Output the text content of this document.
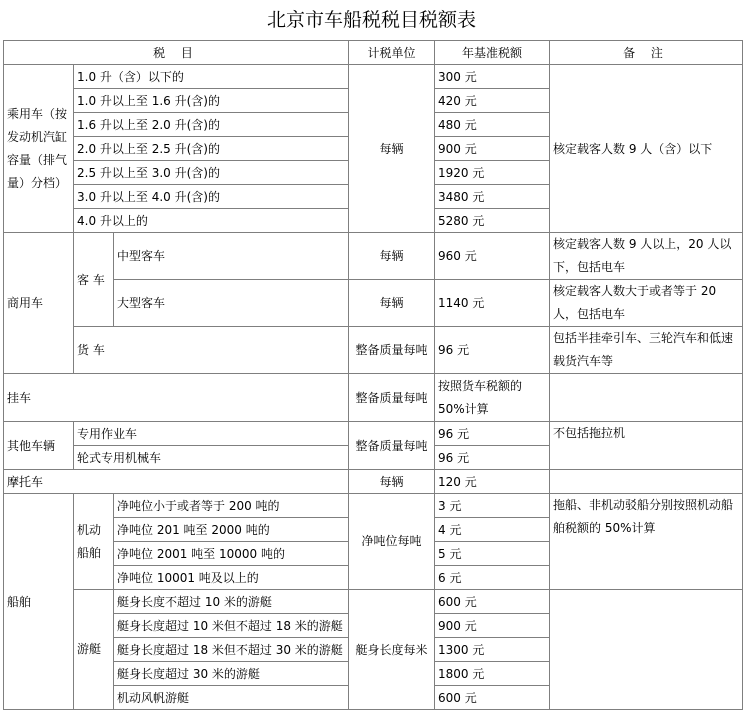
北京市车船税税目税额表
税 目			计税单位	年基准税额	备 注
乘用车（按发动机汽缸容量（排气量）分档）	1.0 升（含）以下的		每辆	300 元	核定载客人数 9 人（含）以下
	1.0 升以上至 1.6 升(含)的			420 元	
	1.6 升以上至 2.0 升(含)的			480 元	
	2.0 升以上至 2.5 升(含)的			900 元	
	2.5 升以上至 3.0 升(含)的			1920 元	
	3.0 升以上至 4.0 升(含)的			3480 元	
	4.0 升以上的			5280 元	
商用车	客 车	中型客车	每辆	960 元	核定载客人数 9 人以上，20 人以下，包括电车
		大型客车	每辆	1140 元	核定载客人数大于或者等于 20 人，包括电车
	货 车		整备质量每吨	96 元	包括半挂牵引车、三轮汽车和低速载货汽车等
挂车			整备质量每吨	按照货车税额的 50%计算	
其他车辆	专用作业车		整备质量每吨	96 元	不包括拖拉机
	轮式专用机械车			96 元	
摩托车			每辆	120 元	
船舶	机动船舶	净吨位小于或者等于 200 吨的	净吨位每吨	3 元	拖船、非机动驳船分别按照机动船舶税额的 50%计算
		净吨位 201 吨至 2000 吨的		4 元	
		净吨位 2001 吨至 10000 吨的		5 元	
		净吨位 10001 吨及以上的		6 元	
	游艇	艇身长度不超过 10 米的游艇	艇身长度每米	600 元	
		艇身长度超过 10 米但不超过 18 米的游艇		900 元	
		艇身长度超过 18 米但不超过 30 米的游艇		1300 元	
		艇身长度超过 30 米的游艇		1800 元	
		机动风帆游艇		600 元	
